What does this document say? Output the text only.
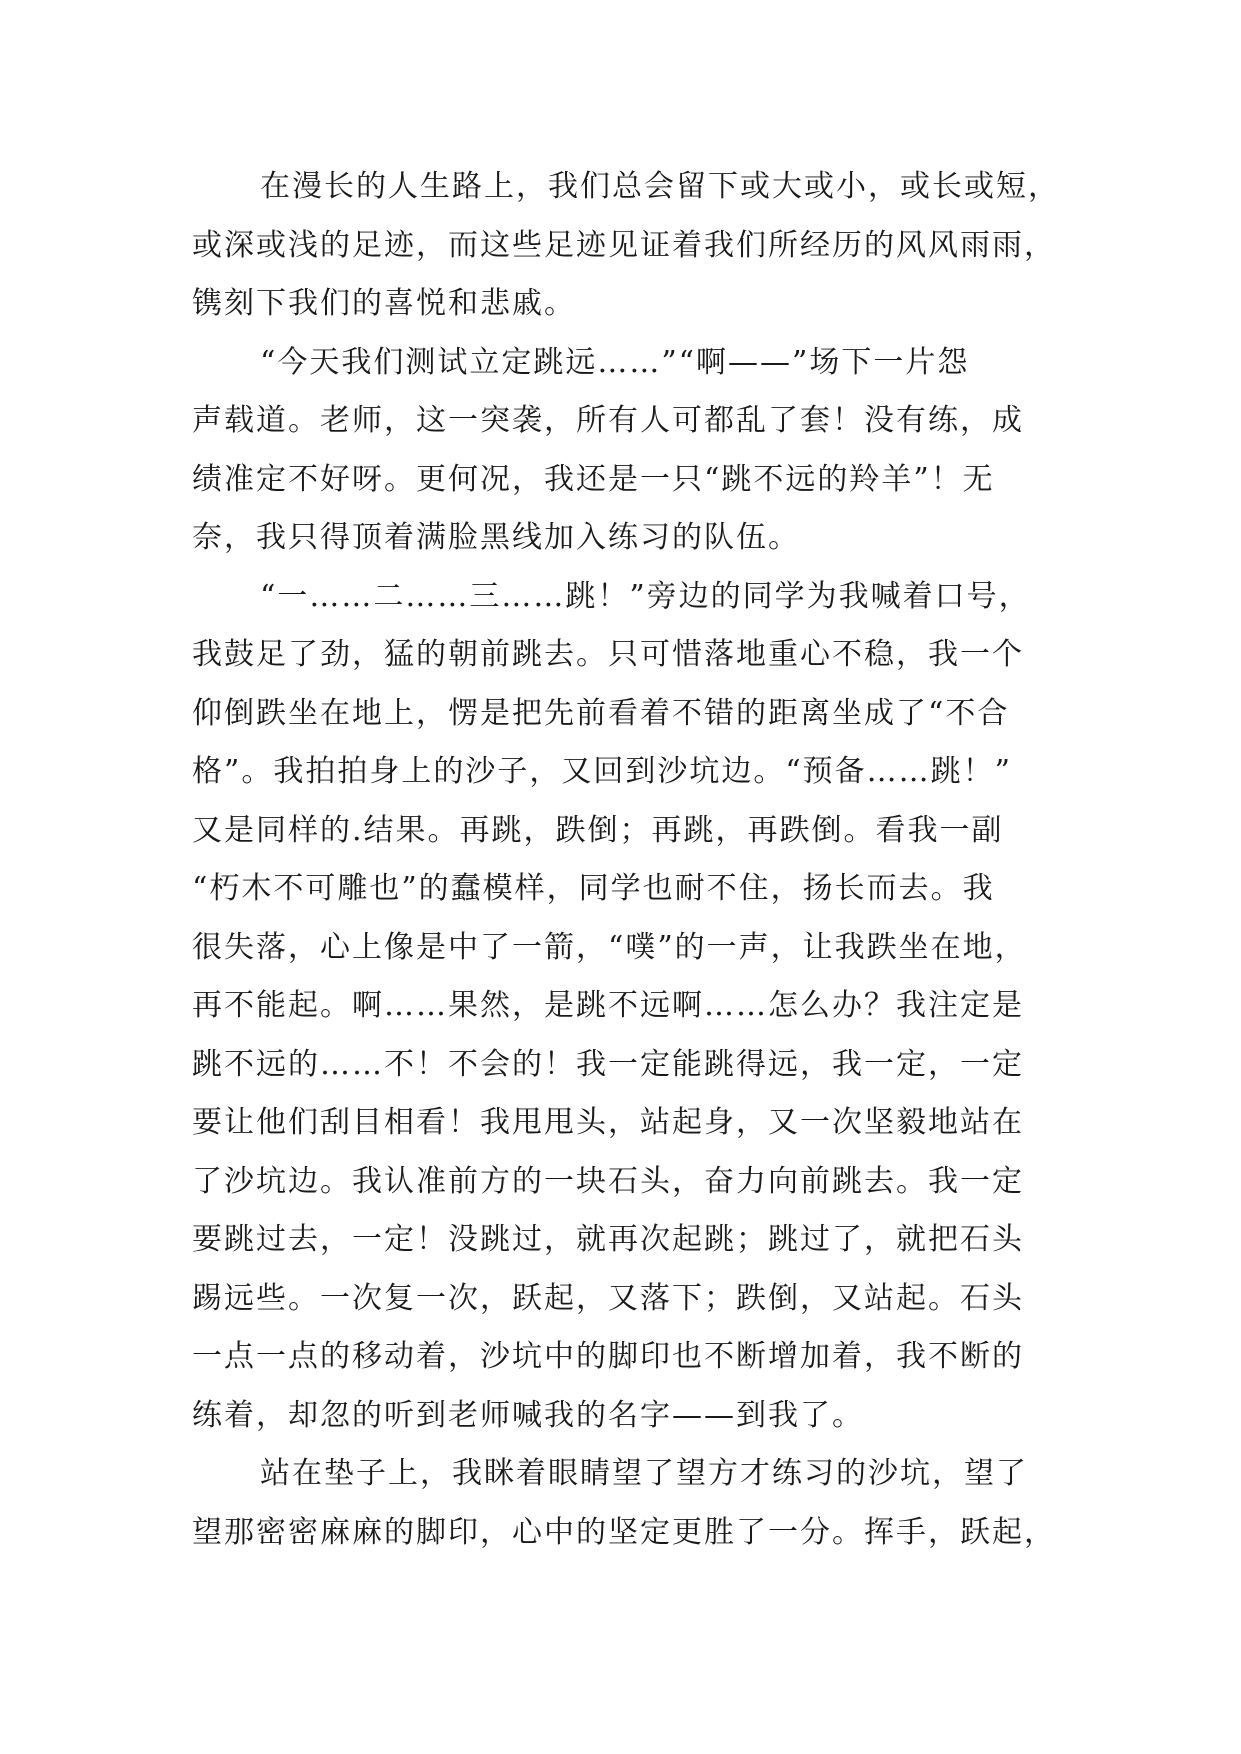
在漫长的人生路上，我们总会留下或大或小，或长或短，
或深或浅的足迹，而这些足迹见证着我们所经历的风风雨雨，
镌刻下我们的喜悦和悲戚。
“今天我们测试立定跳远……”“啊——”场下一片怨
声载道。老师，这一突袭，所有人可都乱了套！没有练，成
绩准定不好呀。更何况，我还是一只“跳不远的羚羊”！无
奈，我只得顶着满脸黑线加入练习的队伍。
“一……二……三……跳！”旁边的同学为我喊着口号，
我鼓足了劲，猛的朝前跳去。只可惜落地重心不稳，我一个
仰倒跌坐在地上，愣是把先前看着不错的距离坐成了“不合
格”。我拍拍身上的沙子，又回到沙坑边。“预备……跳！”
又是同样的.结果。再跳，跌倒；再跳，再跌倒。看我一副
“朽木不可雕也”的蠢模样，同学也耐不住，扬长而去。我
很失落，心上像是中了一箭，“噗”的一声，让我跌坐在地，
再不能起。啊……果然，是跳不远啊……怎么办？我注定是
跳不远的……不！不会的！我一定能跳得远，我一定，一定
要让他们刮目相看！我甩甩头，站起身，又一次坚毅地站在
了沙坑边。我认准前方的一块石头，奋力向前跳去。我一定
要跳过去，一定！没跳过，就再次起跳；跳过了，就把石头
踢远些。一次复一次，跃起，又落下；跌倒，又站起。石头
一点一点的移动着，沙坑中的脚印也不断增加着，我不断的
练着，却忽的听到老师喊我的名字——到我了。
站在垫子上，我眯着眼睛望了望方才练习的沙坑，望了
望那密密麻麻的脚印，心中的坚定更胜了一分。挥手，跃起，
